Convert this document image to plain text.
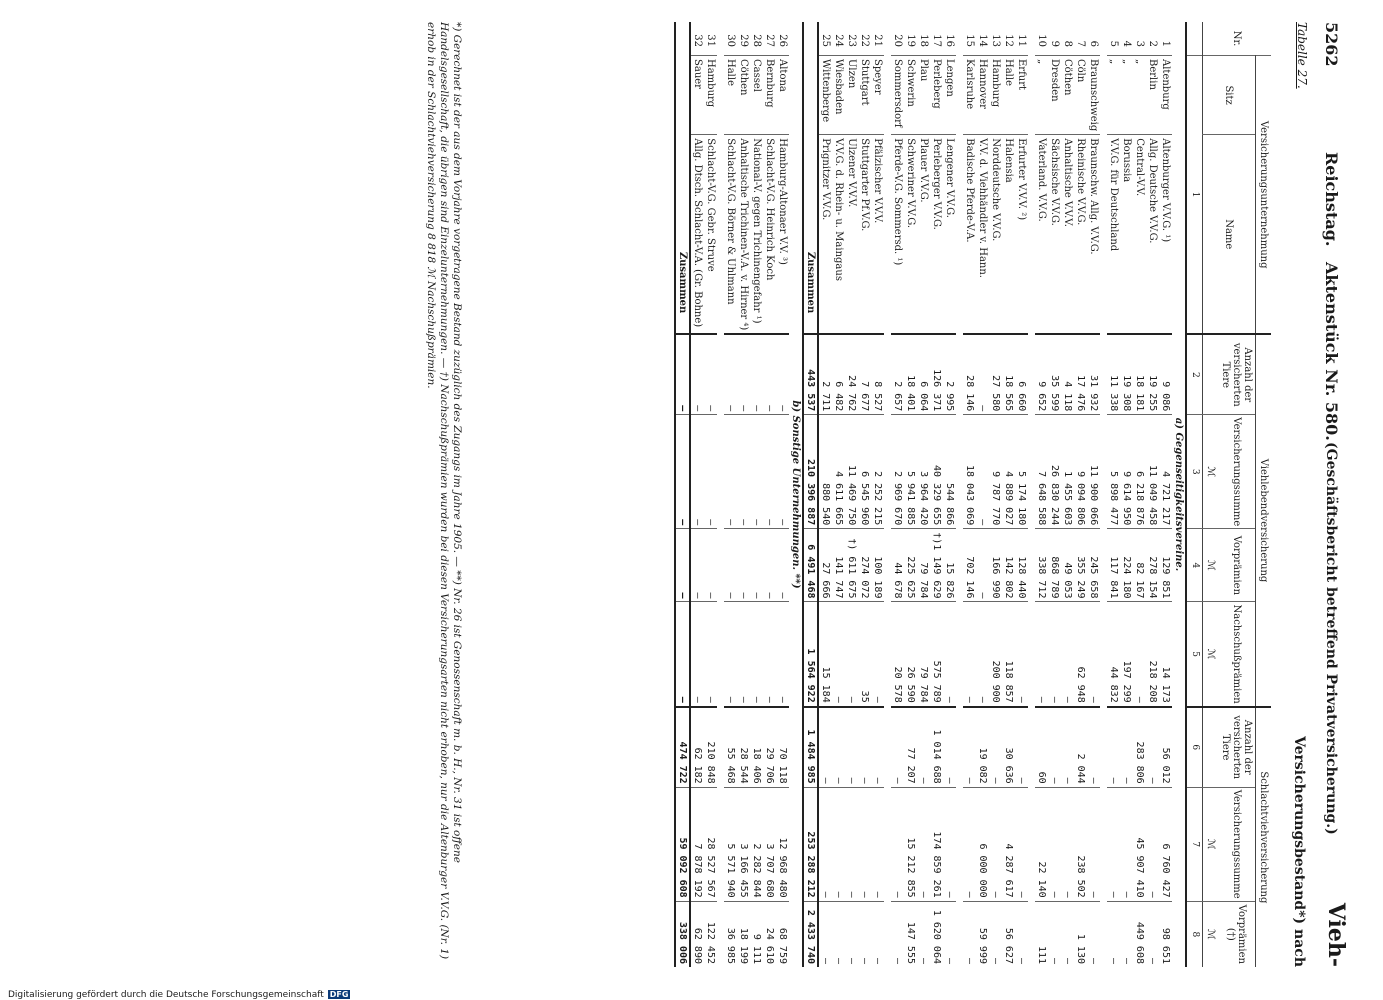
5262
Reichstag.
Aktenstück Nr. 580.
(Geschäftsbericht betreffend Privatversicherung.)
Vieh-
Tabelle 27.
Versicherungsbestand*) nach
Nr.	Versicherungsunternehmung		Viehlebendversicherung				Schlachtviehversicherung		
	Sitz	Name	Anzahl der versicherten Tiere	Versicherungssumme	Vorprämien	Nachschußprämien	Anzahl der versicherten Tiere	Versicherungssumme	Vorprämien (†)
				ℳ	ℳ	ℳ		ℳ	ℳ
	1		2	3	4	5	6	7	8
a) Gegenseitigkeitsvereine.									
1	Altenburg	Altenburger V.V.G. ¹)	9 086	4 721 217	129 851	14 173	56 012	6 760 427	98 651
2	Berlin	Allg. Deutsche V.V.G.	19 255	11 049 458	278 154	218 208	—	—	—
3	„	Central-V.V.	18 181	6 218 876	82 167	—	283 806	45 907 410	449 608
4	„	Borussia	19 308	9 614 950	224 180	197 299	—	—	—
5	„	V.V.G. für Deutschland	11 338	5 898 477	117 841	44 832	—	—	—

6	Braunschweig	Braunschw. Allg. V.V.G.	31 932	11 900 066	245 658	—	—	—	—
7	Cöln	Rheinische V.V.G.	17 476	9 094 806	355 249	62 948	2 044	238 502	1 130
8	Cöthen	Anhaltische V.V.V.	4 118	1 455 603	49 053	—	—	—	—
9	Dresden	Sächsische V.V.G.	35 599	26 830 244	868 789	—	—	—	—
10	„	Vaterland. V.V.G.	9 652	7 648 588	338 712	—	60	22 140	111

11	Erfurt	Erfurter V.V.V. ²)	6 660	5 174 180	128 440	—	—	—	—
12	Halle	Halensia	18 565	4 889 027	142 802	118 857	30 636	4 287 617	56 627
13	Hamburg	Norddeutsche V.V.G.	27 580	9 787 770	166 990	200 900	—	—	—
14	Hannover	V.V. d. Viehhändler v. Hann.	—	—	—	—	19 082	6 000 000	59 999
15	Karlsruhe	Badische Pferde-V.A.	28 146	18 043 069	702 146	—	—	—	—

16	Lengen	Lengener V.V.G.	2 995	544 866	15 826	—	—	—	—
17	Perleberg	Perleberger V.V.G.	126 371	40 329 655	†)1 149 629	575 789	1 014 688	174 859 261	1 620 064
18	Plau	Plauer V.V.G.	6 064	3 964 420	79 784	79 784	—	—	—
19	Schwerin	Schweriner V.V.G.	18 401	5 941 885	225 625	26 590	77 207	15 212 855	147 555
20	Sommersdorf	Pferde-V.G. Sommersd. ¹)	2 657	2 969 670	44 678	20 578	—	—	—

21	Speyer	Pfälzischer V.V.V.	8 527	2 252 215	100 189	—	—	—	—
22	Stuttgart	Stuttgarter Pf.V.G.	7 677	6 545 960	274 072	35	—	—	—
23	Ulzen	Ulzener V.V.V.	24 762	11 469 750	†) 611 675	—	—	—	—
24	Wiesbaden	V.V.G. d. Rhein- u. Maingaus	6 482	4 611 665	141 747	—	—	—	—
25	Wittenberge	Prignitzer V.V.G.	2 711	880 540	27 666	15 184	—	—	—
Zusammen			443 537	210 396 887	6 491 468	1 564 922	1 484 985	253 288 212	2 433 740
b) Sonstige Unternehmungen. **)									
26	Altona	Hamburg-Altonaer V.V. ³)	—	—	—	—	70 118	12 968 480	68 759
27	Bernburg	Schlacht-V.G. Heinrich Koch	—	—	—	—	29 706	3 707 680	24 610
28	Cassel	National-V. gegen Trichinengefahr ¹)	—	—	—	—	18 406	2 282 844	9 111
29	Cöthen	Anhaltische Trichinen-V.A. v. Hirner ⁴)	—	—	—	—	28 544	3 166 455	18 199
30	Halle	Schlacht-V.G. Börner & Uhlmann	—	—	—	—	55 468	5 571 940	36 985

31	Hamburg	Schlacht-V.G. Gebr. Struve	—	—	—	—	210 848	28 527 567	122 452
32	Sauer	Allg. Dtsch. Schlacht-V.A. (Gr. Bohne)	—	—	—	—	62 182	7 878 192	62 890
Zusammen			—	—	—	—	474 722	59 092 608	338 006
*) Gerechnet ist der aus dem Vorjahre vorgetragene Bestand zuzüglich des Zugangs im Jahre 1905. — **) Nr. 26 ist Genossenschaft m. b. H., Nr. 31 ist offene Handelsgesellschaft, die übrigen sind Einzelunternehmungen. — †) Nachschußprämien wurden bei diesen Versicherungsarten nicht erhoben, nur die Altenburger V.V.G. (Nr. 1) erhob in der Schlachtviehversicherung 8 818 ℳ Nachschußprämien.
Digitalisierung gefördert durch die Deutsche Forschungsgemeinschaft DFG
